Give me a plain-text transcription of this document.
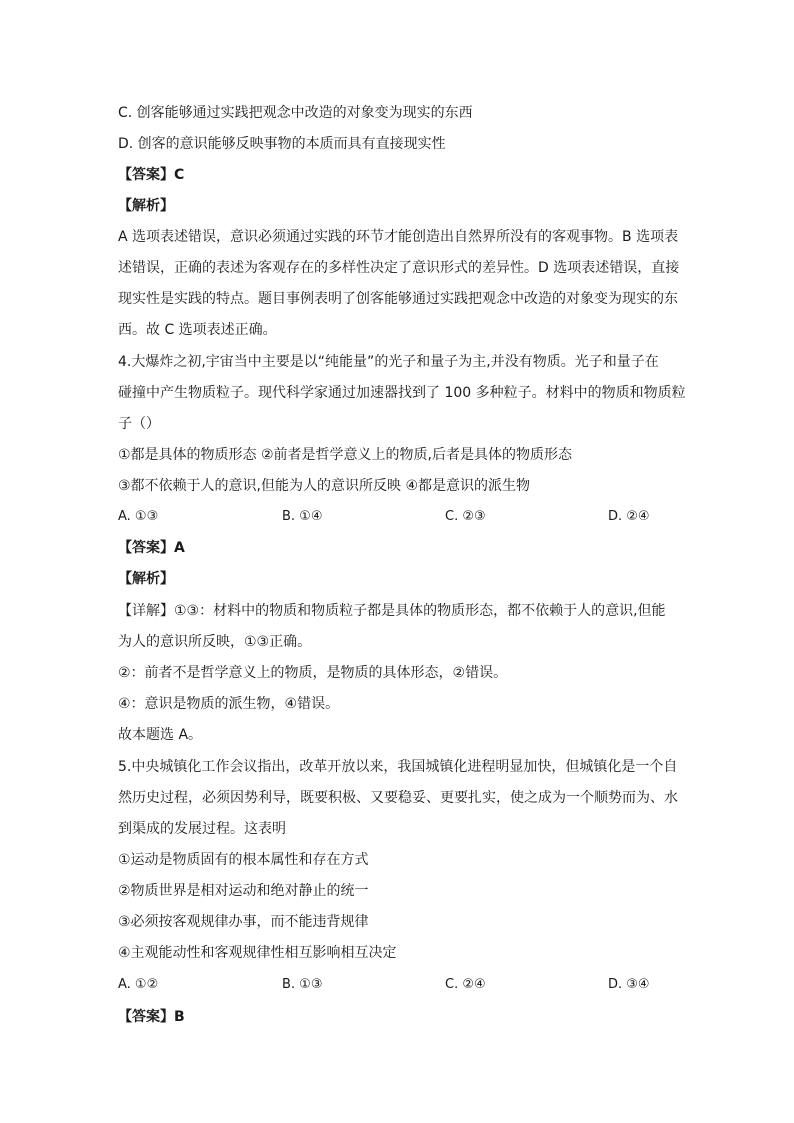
C. 创客能够通过实践把观念中改造的对象变为现实的东西
D. 创客的意识能够反映事物的本质而具有直接现实性
【答案】C
【解析】
A 选项表述错误，意识必须通过实践的环节才能创造出自然界所没有的客观事物。B 选项表
述错误，正确的表述为客观存在的多样性决定了意识形式的差异性。D 选项表述错误，直接
现实性是实践的特点。题目事例表明了创客能够通过实践把观念中改造的对象变为现实的东
西。故 C 选项表述正确。
4.大爆炸之初,宇宙当中主要是以“纯能量”的光子和量子为主,并没有物质。光子和量子在
碰撞中产生物质粒子。现代科学家通过加速器找到了 100 多种粒子。材料中的物质和物质粒
子（）
①都是具体的物质形态 ②前者是哲学意义上的物质,后者是具体的物质形态
③都不依赖于人的意识,但能为人的意识所反映 ④都是意识的派生物
A. ①③	B. ①④	C. ②③	D. ②④
【答案】A
【解析】
【详解】①③：材料中的物质和物质粒子都是具体的物质形态，都不依赖于人的意识,但能
为人的意识所反映，①③正确。
②：前者不是哲学意义上的物质，是物质的具体形态，②错误。
④：意识是物质的派生物，④错误。
故本题选 A。
5.中央城镇化工作会议指出，改革开放以来，我国城镇化进程明显加快，但城镇化是一个自
然历史过程，必须因势利导，既要积极、又要稳妥、更要扎实，使之成为一个顺势而为、水
到渠成的发展过程。这表明
①运动是物质固有的根本属性和存在方式
②物质世界是相对运动和绝对静止的统一
③必须按客观规律办事，而不能违背规律
④主观能动性和客观规律性相互影响相互决定
A. ①②	B. ①③	C. ②④	D. ③④
【答案】B
